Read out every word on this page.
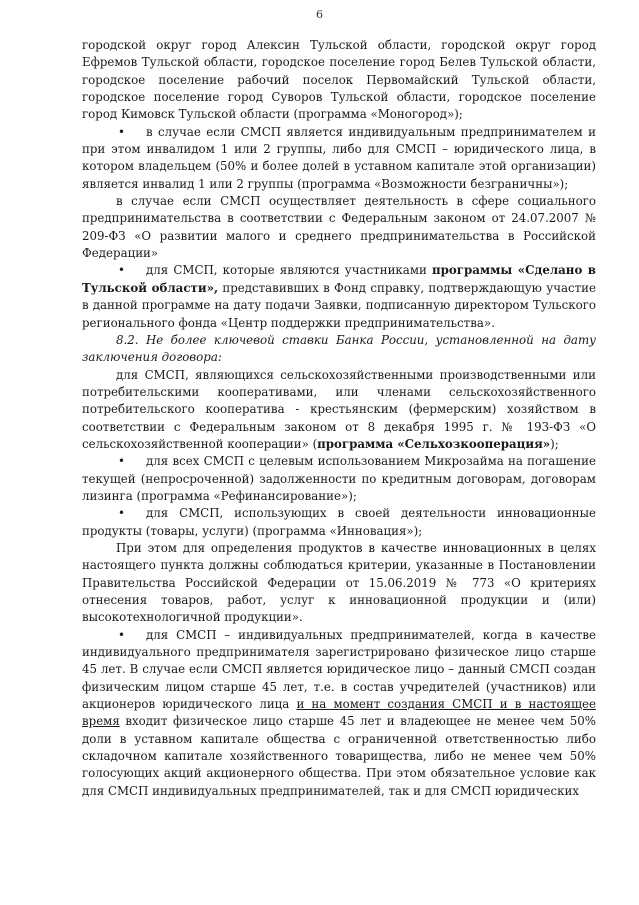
6

городской округ город Алексин Тульской области, городской округ город Ефремов Тульской области, городское поселение город Белев Тульской области, городское поселение рабочий поселок Первомайский Тульской области, городское поселение город Суворов Тульской области, городское поселение город Кимовск Тульской области (программа «Моногород»);

• в случае если СМСП является индивидуальным предпринимателем и при этом инвалидом 1 или 2 группы, либо для СМСП – юридического лица, в котором владельцем (50% и более долей в уставном капитале этой организации) является инвалид 1 или 2 группы (программа «Возможности безграничны»);

в случае если СМСП осуществляет деятельность в сфере социального предпринимательства в соответствии с Федеральным законом от 24.07.2007 № 209-ФЗ «О развитии малого и среднего предпринимательства в Российской Федерации»

• для СМСП, которые являются участниками программы «Сделано в Тульской области», представивших в Фонд справку, подтверждающую участие в данной программе на дату подачи Заявки, подписанную директором Тульского регионального фонда «Центр поддержки предпринимательства».

8.2. Не более ключевой ставки Банка России, установленной на дату заключения договора:

для СМСП, являющихся сельскохозяйственными производственными или потребительскими кооперативами, или членами сельскохозяйственного потребительского кооператива - крестьянским (фермерским) хозяйством в соответствии с Федеральным законом от 8 декабря 1995 г. № 193-ФЗ «О сельскохозяйственной кооперации» (программа «Сельхозкооперация»);

• для всех СМСП с целевым использованием Микрозайма на погашение текущей (непросроченной) задолженности по кредитным договорам, договорам лизинга (программа «Рефинансирование»);

• для СМСП, использующих в своей деятельности инновационные продукты (товары, услуги) (программа «Инновация»);

При этом для определения продуктов в качестве инновационных в целях настоящего пункта должны соблюдаться критерии, указанные в Постановлении Правительства Российской Федерации от 15.06.2019 № 773 «О критериях отнесения товаров, работ, услуг к инновационной продукции и (или) высокотехнологичной продукции».

• для СМСП – индивидуальных предпринимателей, когда в качестве индивидуального предпринимателя зарегистрировано физическое лицо старше 45 лет. В случае если СМСП является юридическое лицо – данный СМСП создан физическим лицом старше 45 лет, т.е. в состав учредителей (участников) или акционеров юридического лица и на момент создания СМСП и в настоящее время входит физическое лицо старше 45 лет и владеющее не менее чем 50% доли в уставном капитале общества с ограниченной ответственностью либо складочном капитале хозяйственного товарищества, либо не менее чем 50% голосующих акций акционерного общества. При этом обязательное условие как для СМСП индивидуальных предпринимателей, так и для СМСП юридических
